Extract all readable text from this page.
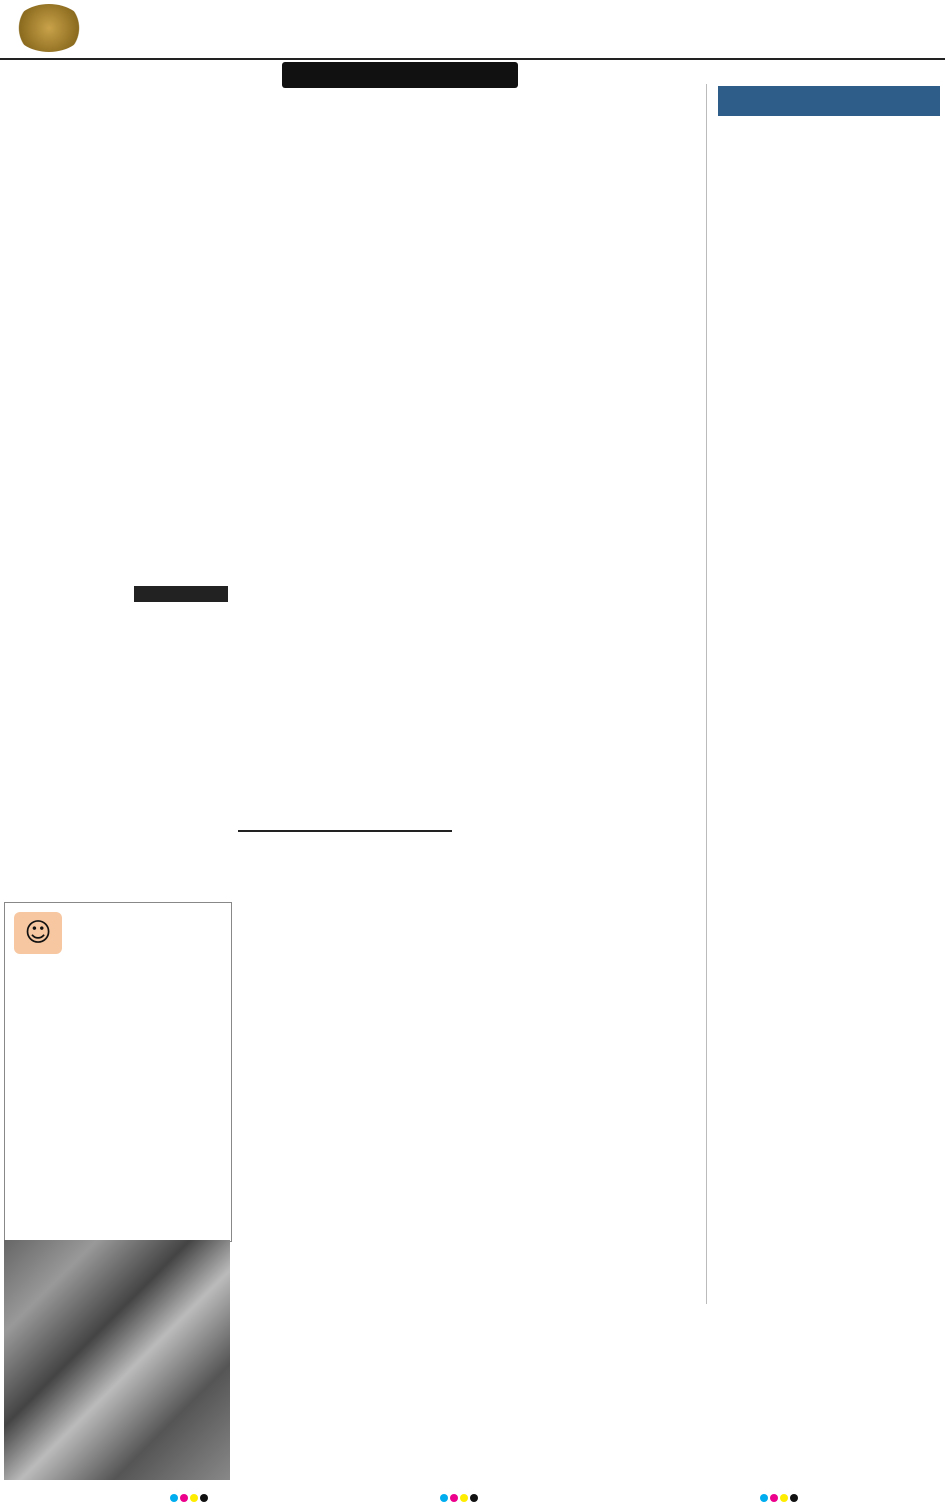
☺
